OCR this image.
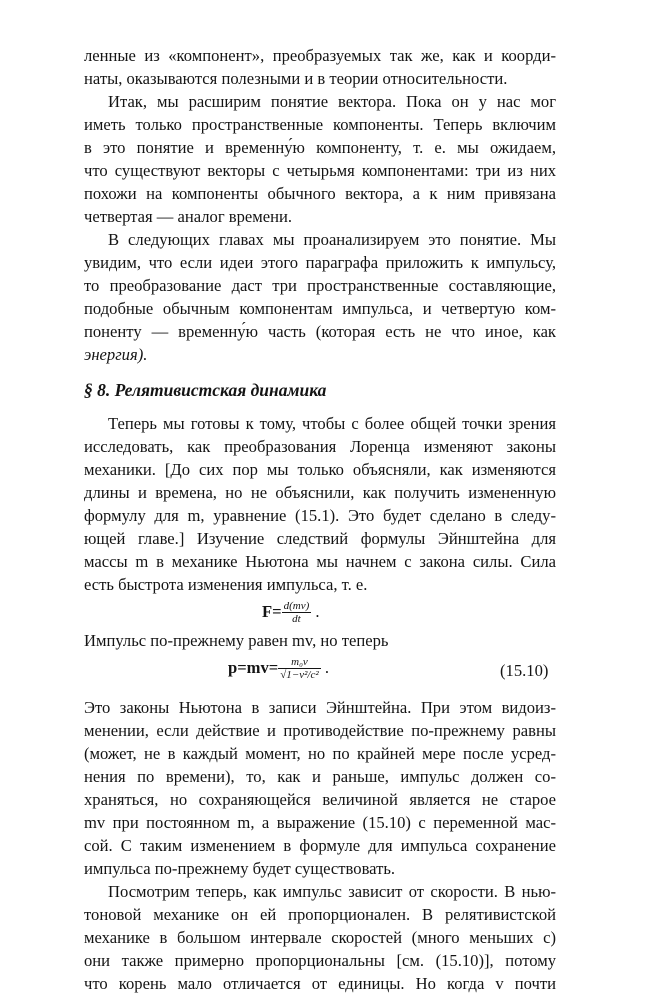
ленные из «компонент», преобразуемых так же, как и коорди-
наты, оказываются полезными и в теории относительности.
Итак, мы расширим понятие вектора. Пока он у нас мог
иметь только пространственные компоненты. Теперь включим
в это понятие и временну́ю компоненту, т. е. мы ожидаем,
что существуют векторы с четырьмя компонентами: три из них
похожи на компоненты обычного вектора, а к ним привязана
четвертая — аналог времени.
В следующих главах мы проанализируем это понятие. Мы
увидим, что если идеи этого параграфа приложить к импульсу,
то преобразование даст три пространственные составляющие,
подобные обычным компонентам импульса, и четвертую ком-
поненту — временну́ю часть (которая есть не что иное, как
энергия).
§ 8. Релятивистская динамика
Теперь мы готовы к тому, чтобы с более общей точки зрения
исследовать, как преобразования Лоренца изменяют законы
механики. [До сих пор мы только объясняли, как изменяются
длины и времена, но не объяснили, как получить измененную
формулу для m, уравнение (15.1). Это будет сделано в следу-
ющей главе.] Изучение следствий формулы Эйнштейна для
массы m в механике Ньютона мы начнем с закона силы. Сила
есть быстрота изменения импульса, т. е.
$F= \frac{d(mv)}{dt}$ .
Импульс по-прежнему равен mv, но теперь
$p=mv= \frac{\text{m₀v}}{\text{√1−v²/c²}}$ .	(15.10)
Это законы Ньютона в записи Эйнштейна. При этом видоиз-
менении, если действие и противодействие по-прежнему равны
(может, не в каждый момент, но по крайней мере после усред-
нения по времени), то, как и раньше, импульс должен со-
храняться, но сохраняющейся величиной является не старое
mv при постоянном m, а выражение (15.10) с переменной мас-
сой. С таким изменением в формуле для импульса сохранение
импульса по-прежнему будет существовать.
Посмотрим теперь, как импульс зависит от скорости. В нью-
тоновой механике он ей пропорционален. В релятивистской
механике в большом интервале скоростей (много меньших c)
они также примерно пропорциональны [см. (15.10)], потому
что корень мало отличается от единицы. Но когда v почти
